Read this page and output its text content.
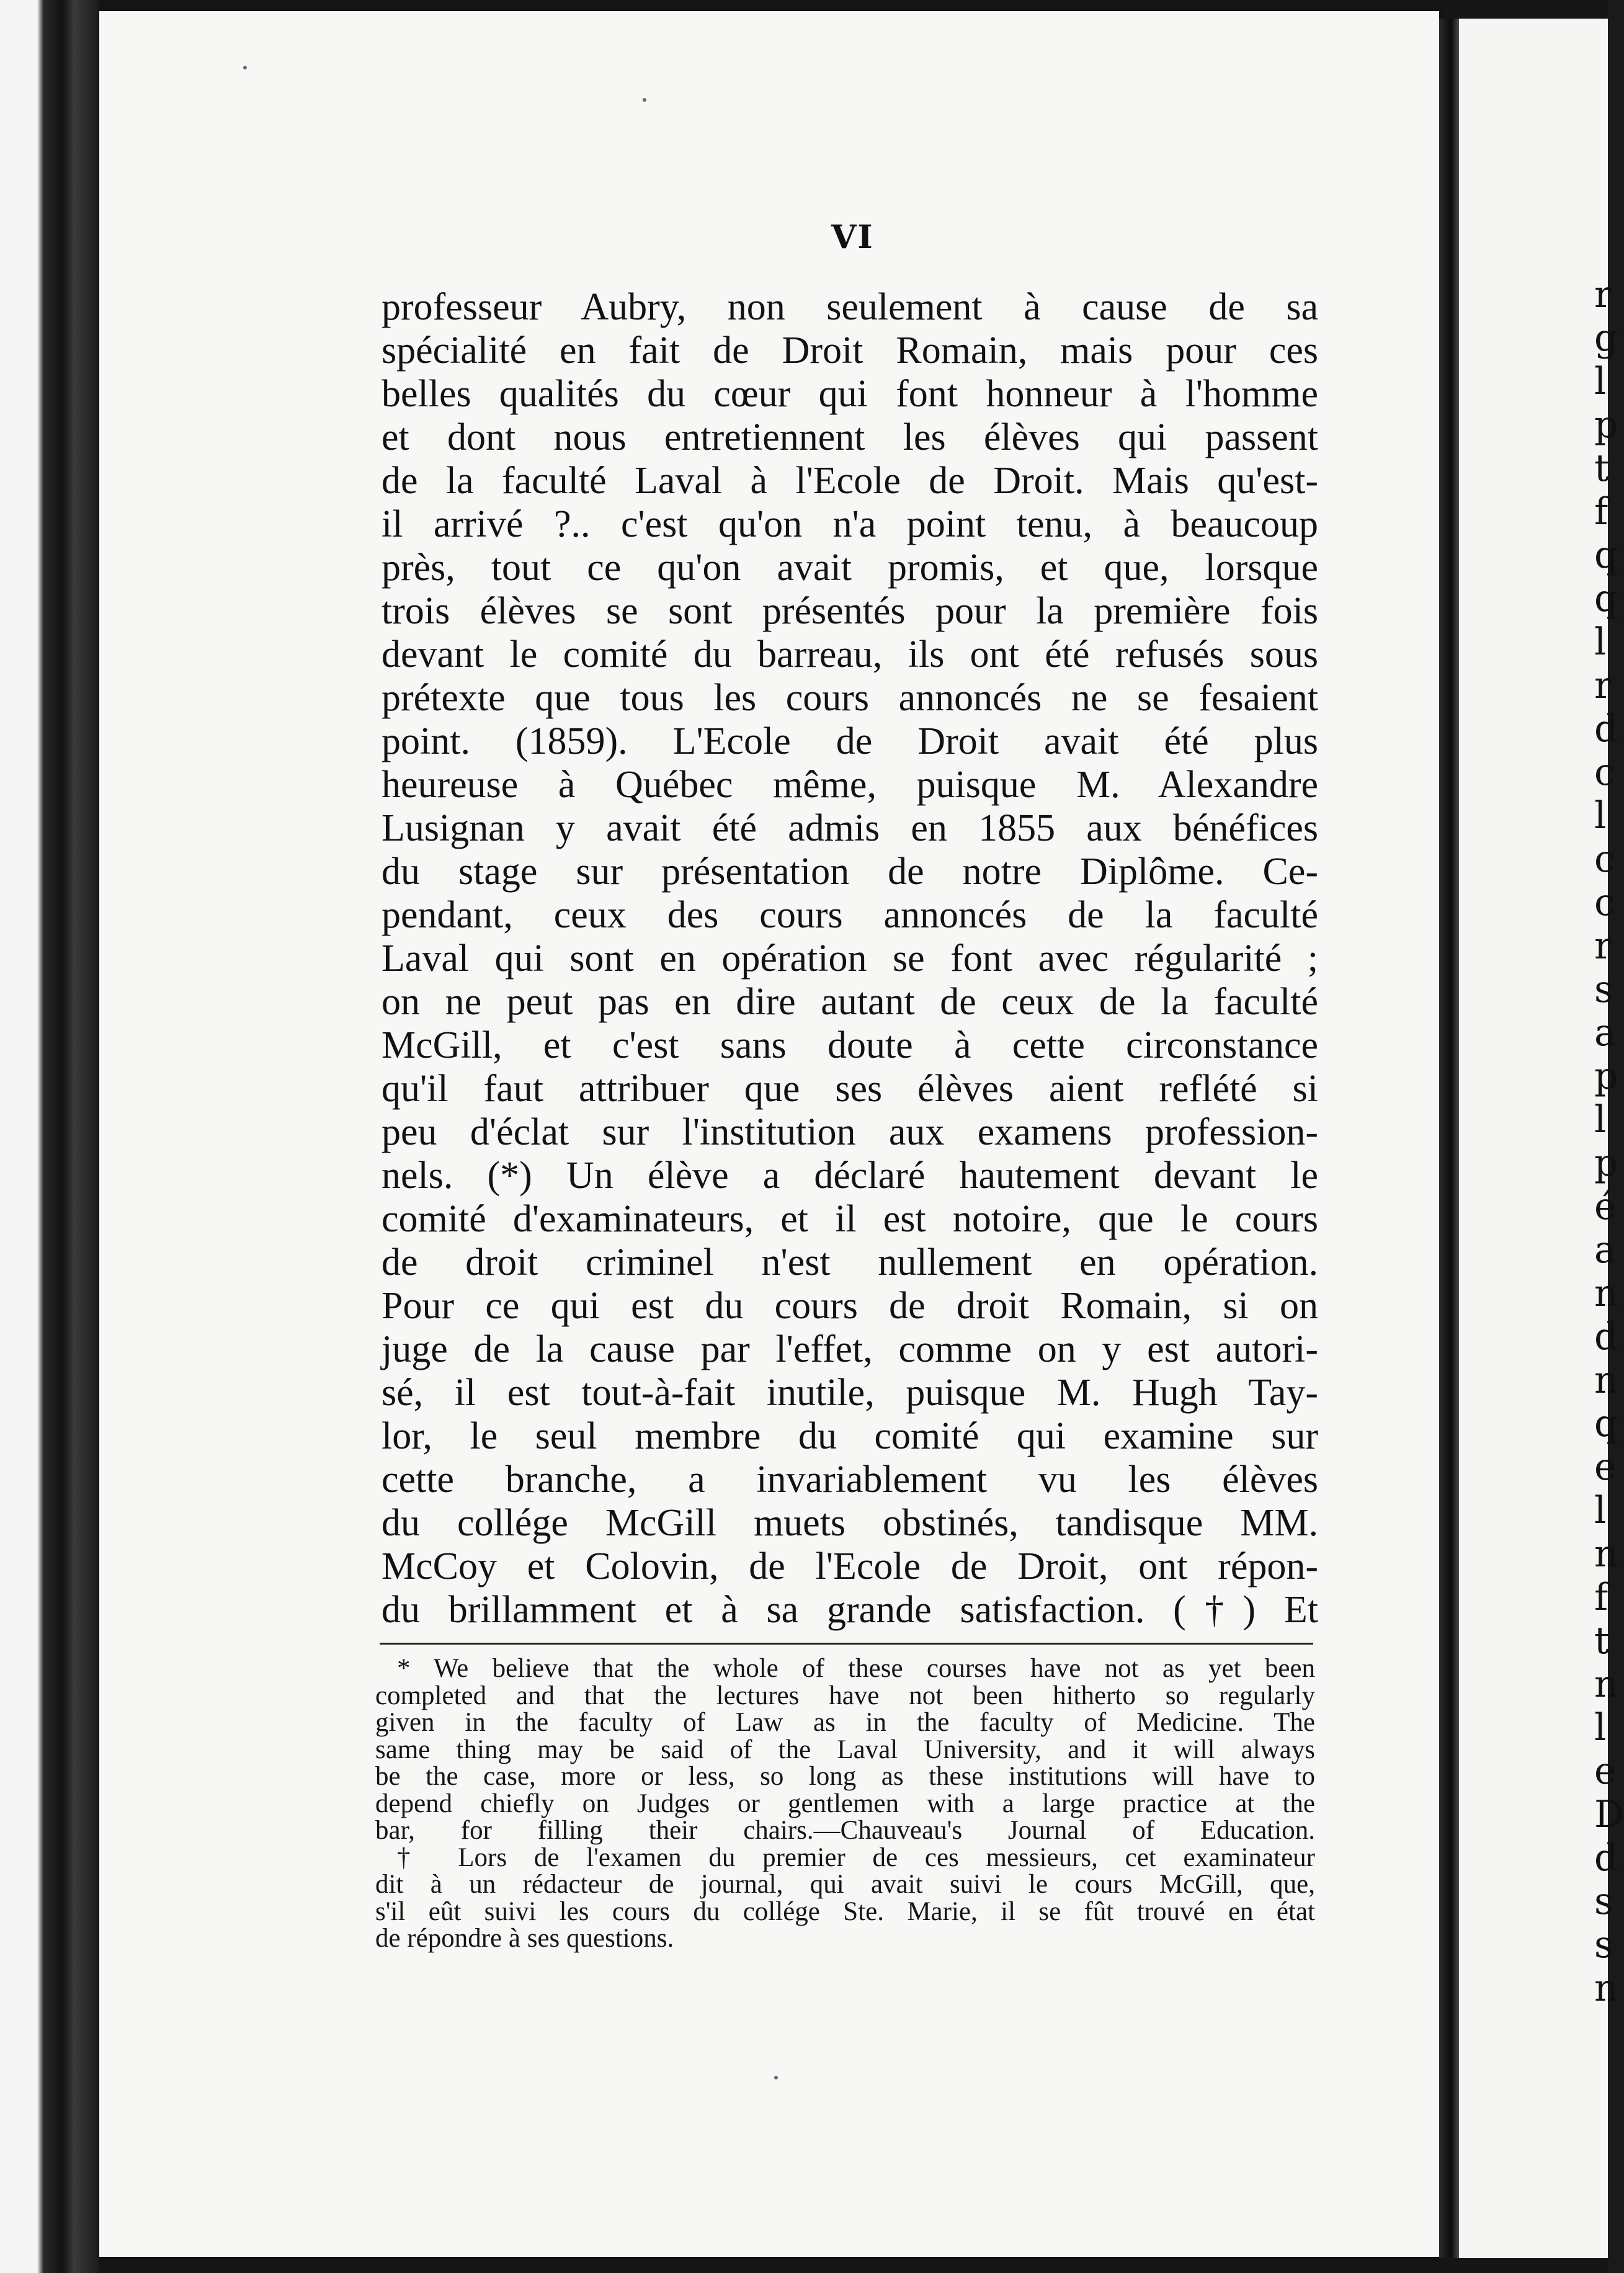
r
g
l
p
t
f
q
q
l
r
d
c
l
c
c
r
s
a
p
l
p
é
a
n
d
n
q
e
l
n
f
t
n
l
e
D
d
s
s
n
VI
professeur Aubry, non seulement à cause de sa
spécialité en fait de Droit Romain, mais pour ces
belles qualités du cœur qui font honneur à l'homme
et dont nous entretiennent les élèves qui passent
de la faculté Laval à l'Ecole de Droit. Mais qu'est-
il arrivé ?.. c'est qu'on n'a point tenu, à beaucoup
près, tout ce qu'on avait promis, et que, lorsque
trois élèves se sont présentés pour la première fois
devant le comité du barreau, ils ont été refusés sous
prétexte que tous les cours annoncés ne se fesaient
point. (1859). L'Ecole de Droit avait été plus
heureuse à Québec même, puisque M. Alexandre
Lusignan y avait été admis en 1855 aux bénéfices
du stage sur présentation de notre Diplôme. Ce-
pendant, ceux des cours annoncés de la faculté
Laval qui sont en opération se font avec régularité ;
on ne peut pas en dire autant de ceux de la faculté
McGill, et c'est sans doute à cette circonstance
qu'il faut attribuer que ses élèves aient reflété si
peu d'éclat sur l'institution aux examens profession-
nels. (*) Un élève a déclaré hautement devant le
comité d'examinateurs, et il est notoire, que le cours
de droit criminel n'est nullement en opération.
Pour ce qui est du cours de droit Romain, si on
juge de la cause par l'effet, comme on y est autori-
sé, il est tout-à-fait inutile, puisque M. Hugh Tay-
lor, le seul membre du comité qui examine sur
cette branche, a invariablement vu les élèves
du collége McGill muets obstinés, tandisque MM.
McCoy et Colovin, de l'Ecole de Droit, ont répon-
du brillamment et à sa grande satisfaction. (†) Et
* We believe that the whole of these courses have not as yet been
completed and that the lectures have not been hitherto so regularly
given in the faculty of Law as in the faculty of Medicine. The
same thing may be said of the Laval University, and it will always
be the case, more or less, so long as these institutions will have to
depend chiefly on Judges or gentlemen with a large practice at the
bar, for filling their chairs.—Chauveau's Journal of Education.
† Lors de l'examen du premier de ces messieurs, cet examinateur
dit à un rédacteur de journal, qui avait suivi le cours McGill, que,
s'il eût suivi les cours du collége Ste. Marie, il se fût trouvé en état
de répondre à ses questions.
